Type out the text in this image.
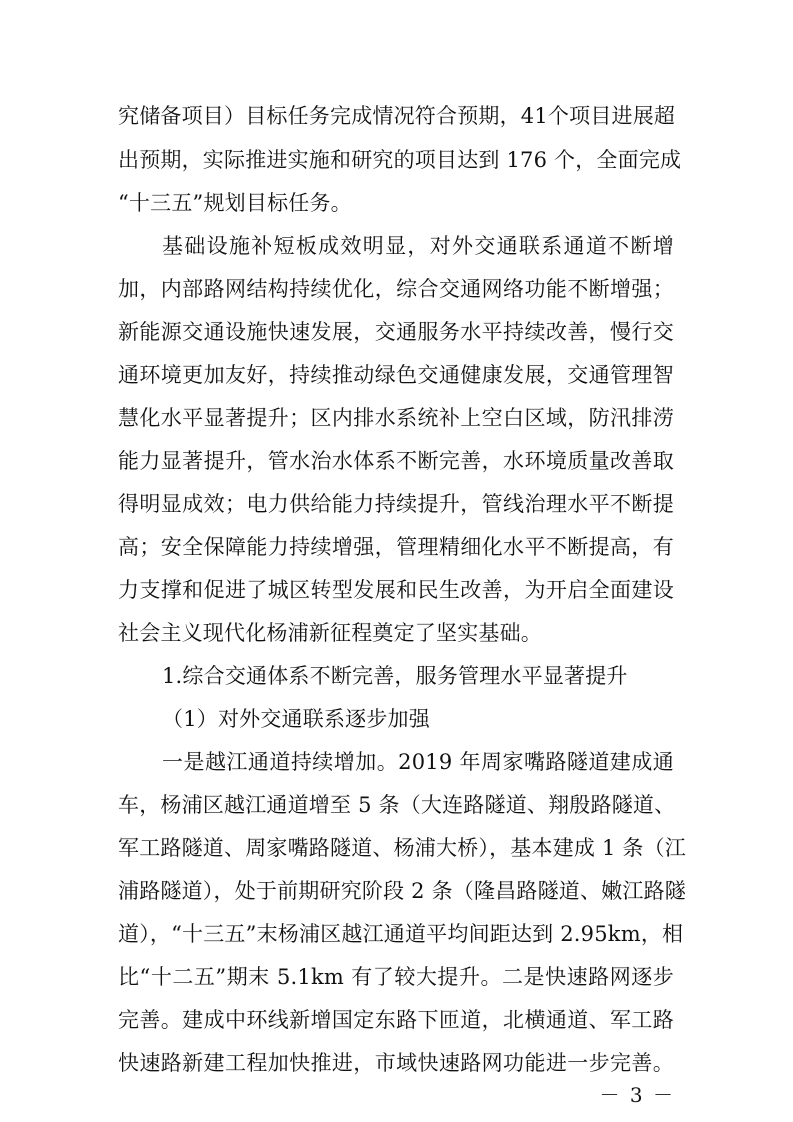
究储备项目）目标任务完成情况符合预期，41个项目进展超
出预期，实际推进实施和研究的项目达到 176 个，全面完成
“十三五”规划目标任务。
基础设施补短板成效明显，对外交通联系通道不断增
加，内部路网结构持续优化，综合交通网络功能不断增强；
新能源交通设施快速发展，交通服务水平持续改善，慢行交
通环境更加友好，持续推动绿色交通健康发展，交通管理智
慧化水平显著提升；区内排水系统补上空白区域，防汛排涝
能力显著提升，管水治水体系不断完善，水环境质量改善取
得明显成效；电力供给能力持续提升，管线治理水平不断提
高；安全保障能力持续增强，管理精细化水平不断提高，有
力支撑和促进了城区转型发展和民生改善，为开启全面建设
社会主义现代化杨浦新征程奠定了坚实基础。
1.综合交通体系不断完善，服务管理水平显著提升
（1）对外交通联系逐步加强
一是越江通道持续增加。2019 年周家嘴路隧道建成通
车，杨浦区越江通道增至 5 条（大连路隧道、翔殷路隧道、
军工路隧道、周家嘴路隧道、杨浦大桥），基本建成 1 条（江
浦路隧道），处于前期研究阶段 2 条（隆昌路隧道、嫩江路隧
道），“十三五”末杨浦区越江通道平均间距达到 2.95km，相
比“十二五”期末 5.1km 有了较大提升。二是快速路网逐步
完善。建成中环线新增国定东路下匝道，北横通道、军工路
快速路新建工程加快推进，市域快速路网功能进一步完善。
－ 3 －
